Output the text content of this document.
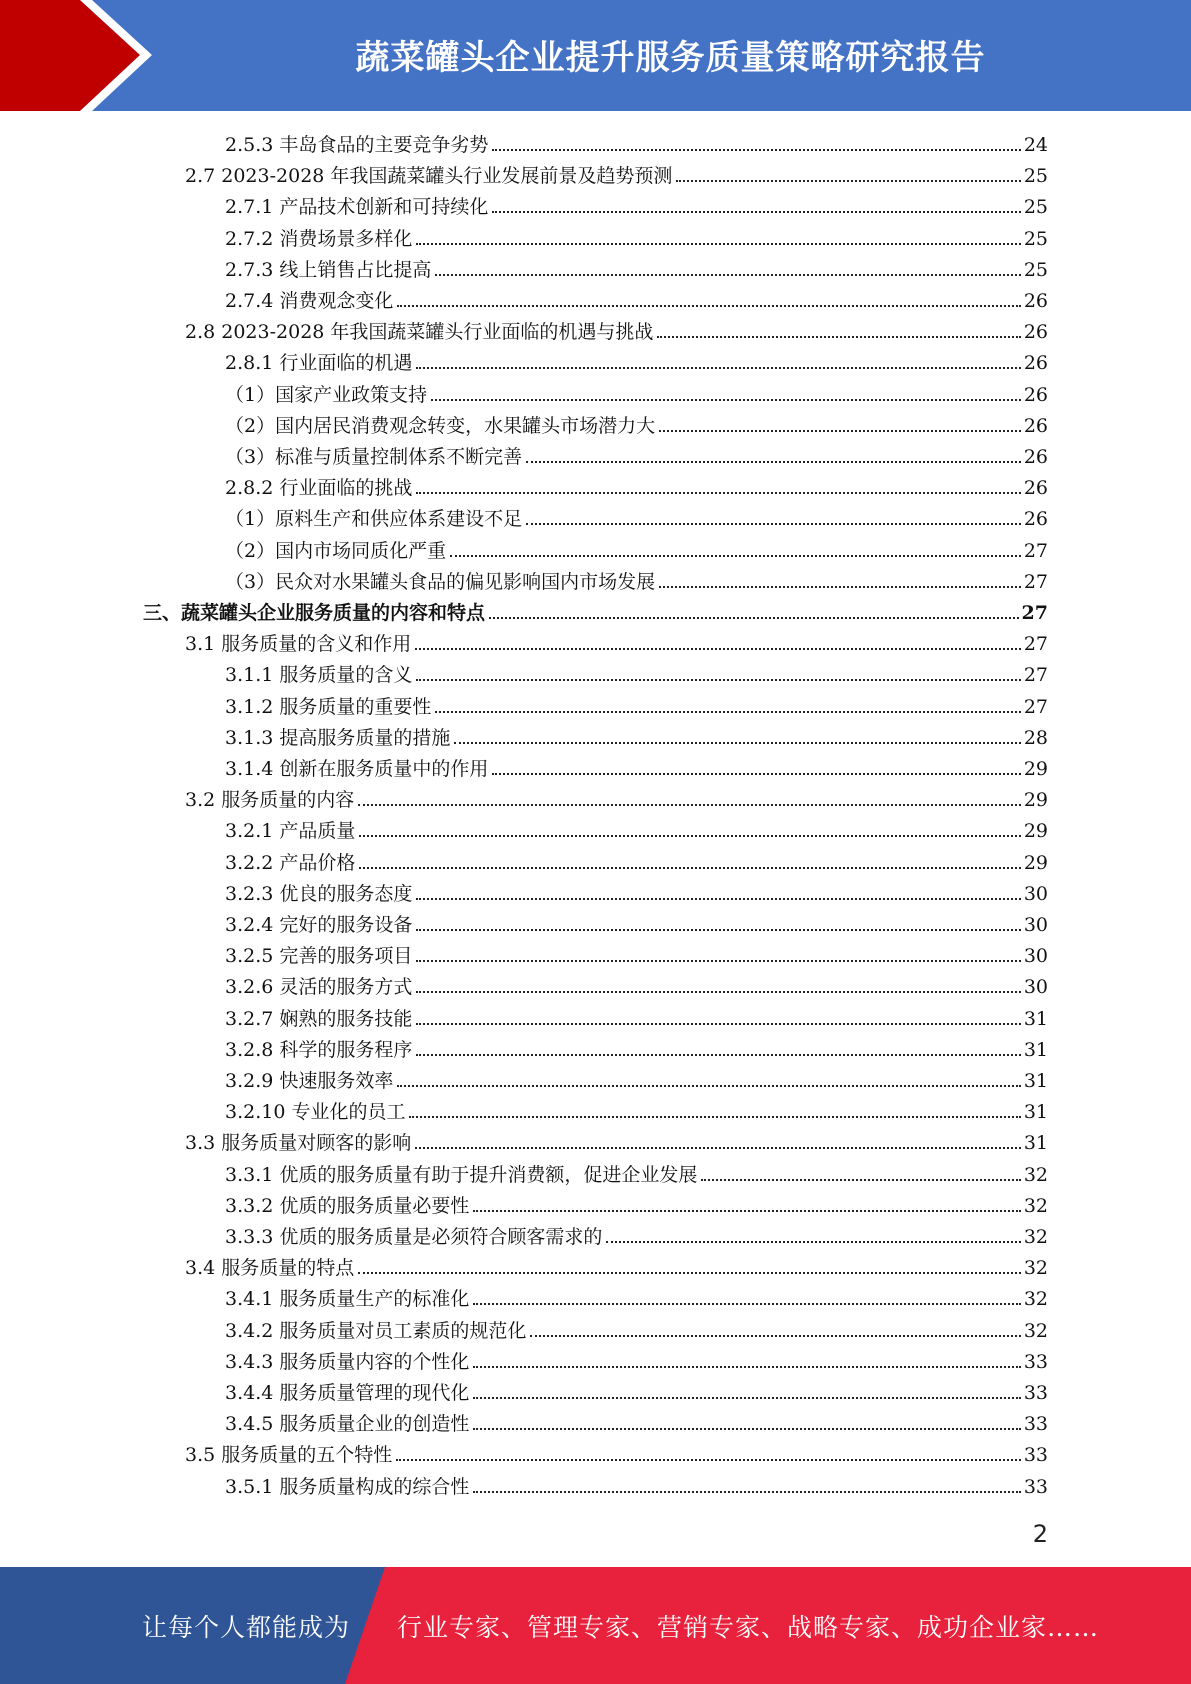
蔬菜罐头企业提升服务质量策略研究报告
2.5.3 丰岛食品的主要竞争劣势	24
2.7 2023-2028 年我国蔬菜罐头行业发展前景及趋势预测	25
2.7.1 产品技术创新和可持续化	25
2.7.2 消费场景多样化	25
2.7.3 线上销售占比提高	25
2.7.4 消费观念变化	26
2.8 2023-2028 年我国蔬菜罐头行业面临的机遇与挑战	26
2.8.1 行业面临的机遇	26
（1）国家产业政策支持	26
（2）国内居民消费观念转变，水果罐头市场潜力大	26
（3）标准与质量控制体系不断完善	26
2.8.2 行业面临的挑战	26
（1）原料生产和供应体系建设不足	26
（2）国内市场同质化严重	27
（3）民众对水果罐头食品的偏见影响国内市场发展	27
三、蔬菜罐头企业服务质量的内容和特点	27
3.1 服务质量的含义和作用	27
3.1.1 服务质量的含义	27
3.1.2 服务质量的重要性	27
3.1.3 提高服务质量的措施	28
3.1.4 创新在服务质量中的作用	29
3.2 服务质量的内容	29
3.2.1 产品质量	29
3.2.2 产品价格	29
3.2.3 优良的服务态度	30
3.2.4 完好的服务设备	30
3.2.5 完善的服务项目	30
3.2.6 灵活的服务方式	30
3.2.7 娴熟的服务技能	31
3.2.8 科学的服务程序	31
3.2.9 快速服务效率	31
3.2.10 专业化的员工	31
3.3 服务质量对顾客的影响	31
3.3.1 优质的服务质量有助于提升消费额，促进企业发展	32
3.3.2 优质的服务质量必要性	32
3.3.3 优质的服务质量是必须符合顾客需求的	32
3.4 服务质量的特点	32
3.4.1 服务质量生产的标准化	32
3.4.2 服务质量对员工素质的规范化	32
3.4.3 服务质量内容的个性化	33
3.4.4 服务质量管理的现代化	33
3.4.5 服务质量企业的创造性	33
3.5 服务质量的五个特性	33
3.5.1 服务质量构成的综合性	33
2
让每个人都能成为 行业专家、管理专家、营销专家、战略专家、成功企业家……
